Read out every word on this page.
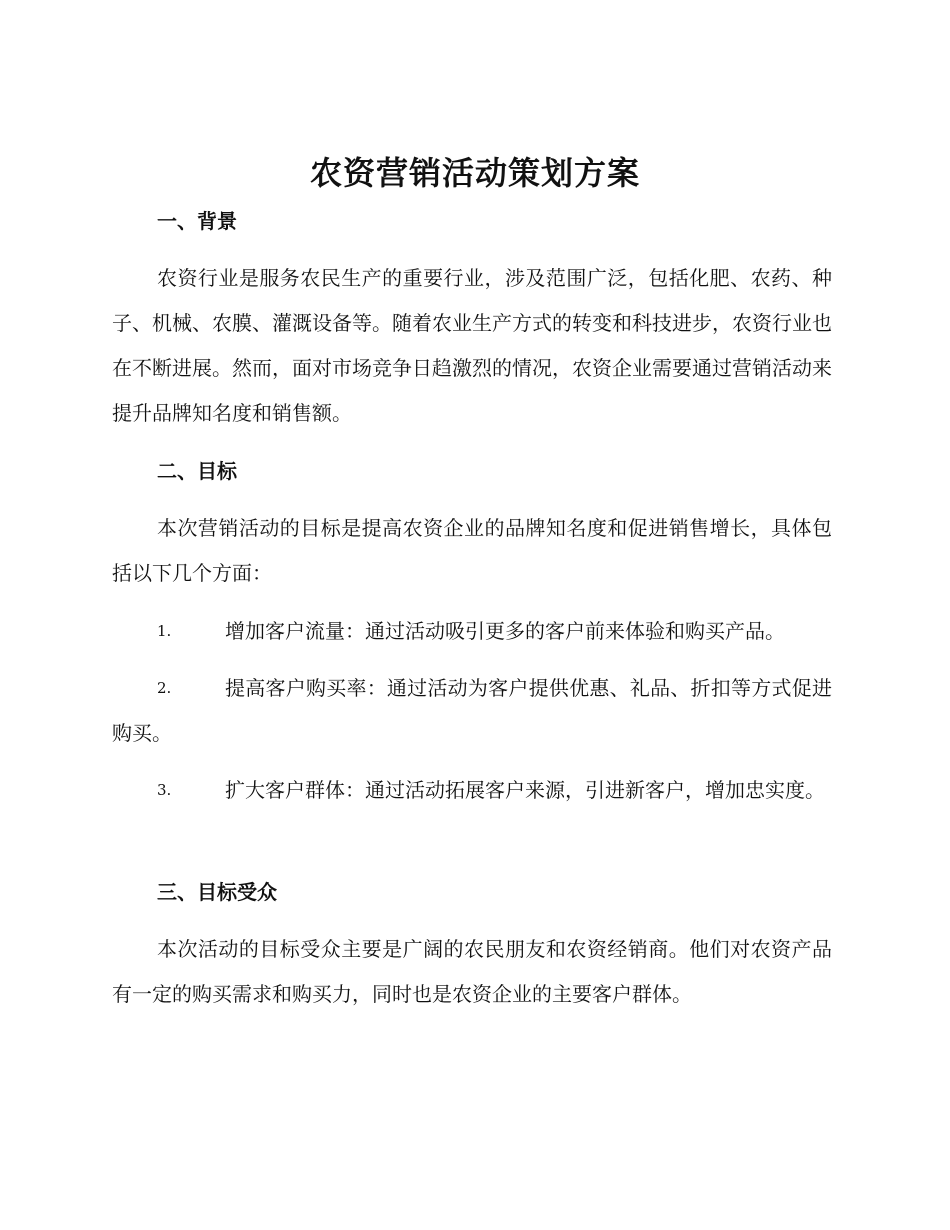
农资营销活动策划方案
一、背景

农资行业是服务农民生产的重要行业，涉及范围广泛，包括化肥、农药、种子、机械、农膜、灌溉设备等。随着农业生产方式的转变和科技进步，农资行业也在不断进展。然而，面对市场竞争日趋激烈的情况，农资企业需要通过营销活动来提升品牌知名度和销售额。

二、目标

本次营销活动的目标是提高农资企业的品牌知名度和促进销售增长，具体包括以下几个方面：

1.	增加客户流量：通过活动吸引更多的客户前来体验和购买产品。
2.	提高客户购买率：通过活动为客户提供优惠、礼品、折扣等方式促进购买。
3.	扩大客户群体：通过活动拓展客户来源，引进新客户，增加忠实度。
三、目标受众

本次活动的目标受众主要是广阔的农民朋友和农资经销商。他们对农资产品有一定的购买需求和购买力，同时也是农资企业的主要客户群体。
